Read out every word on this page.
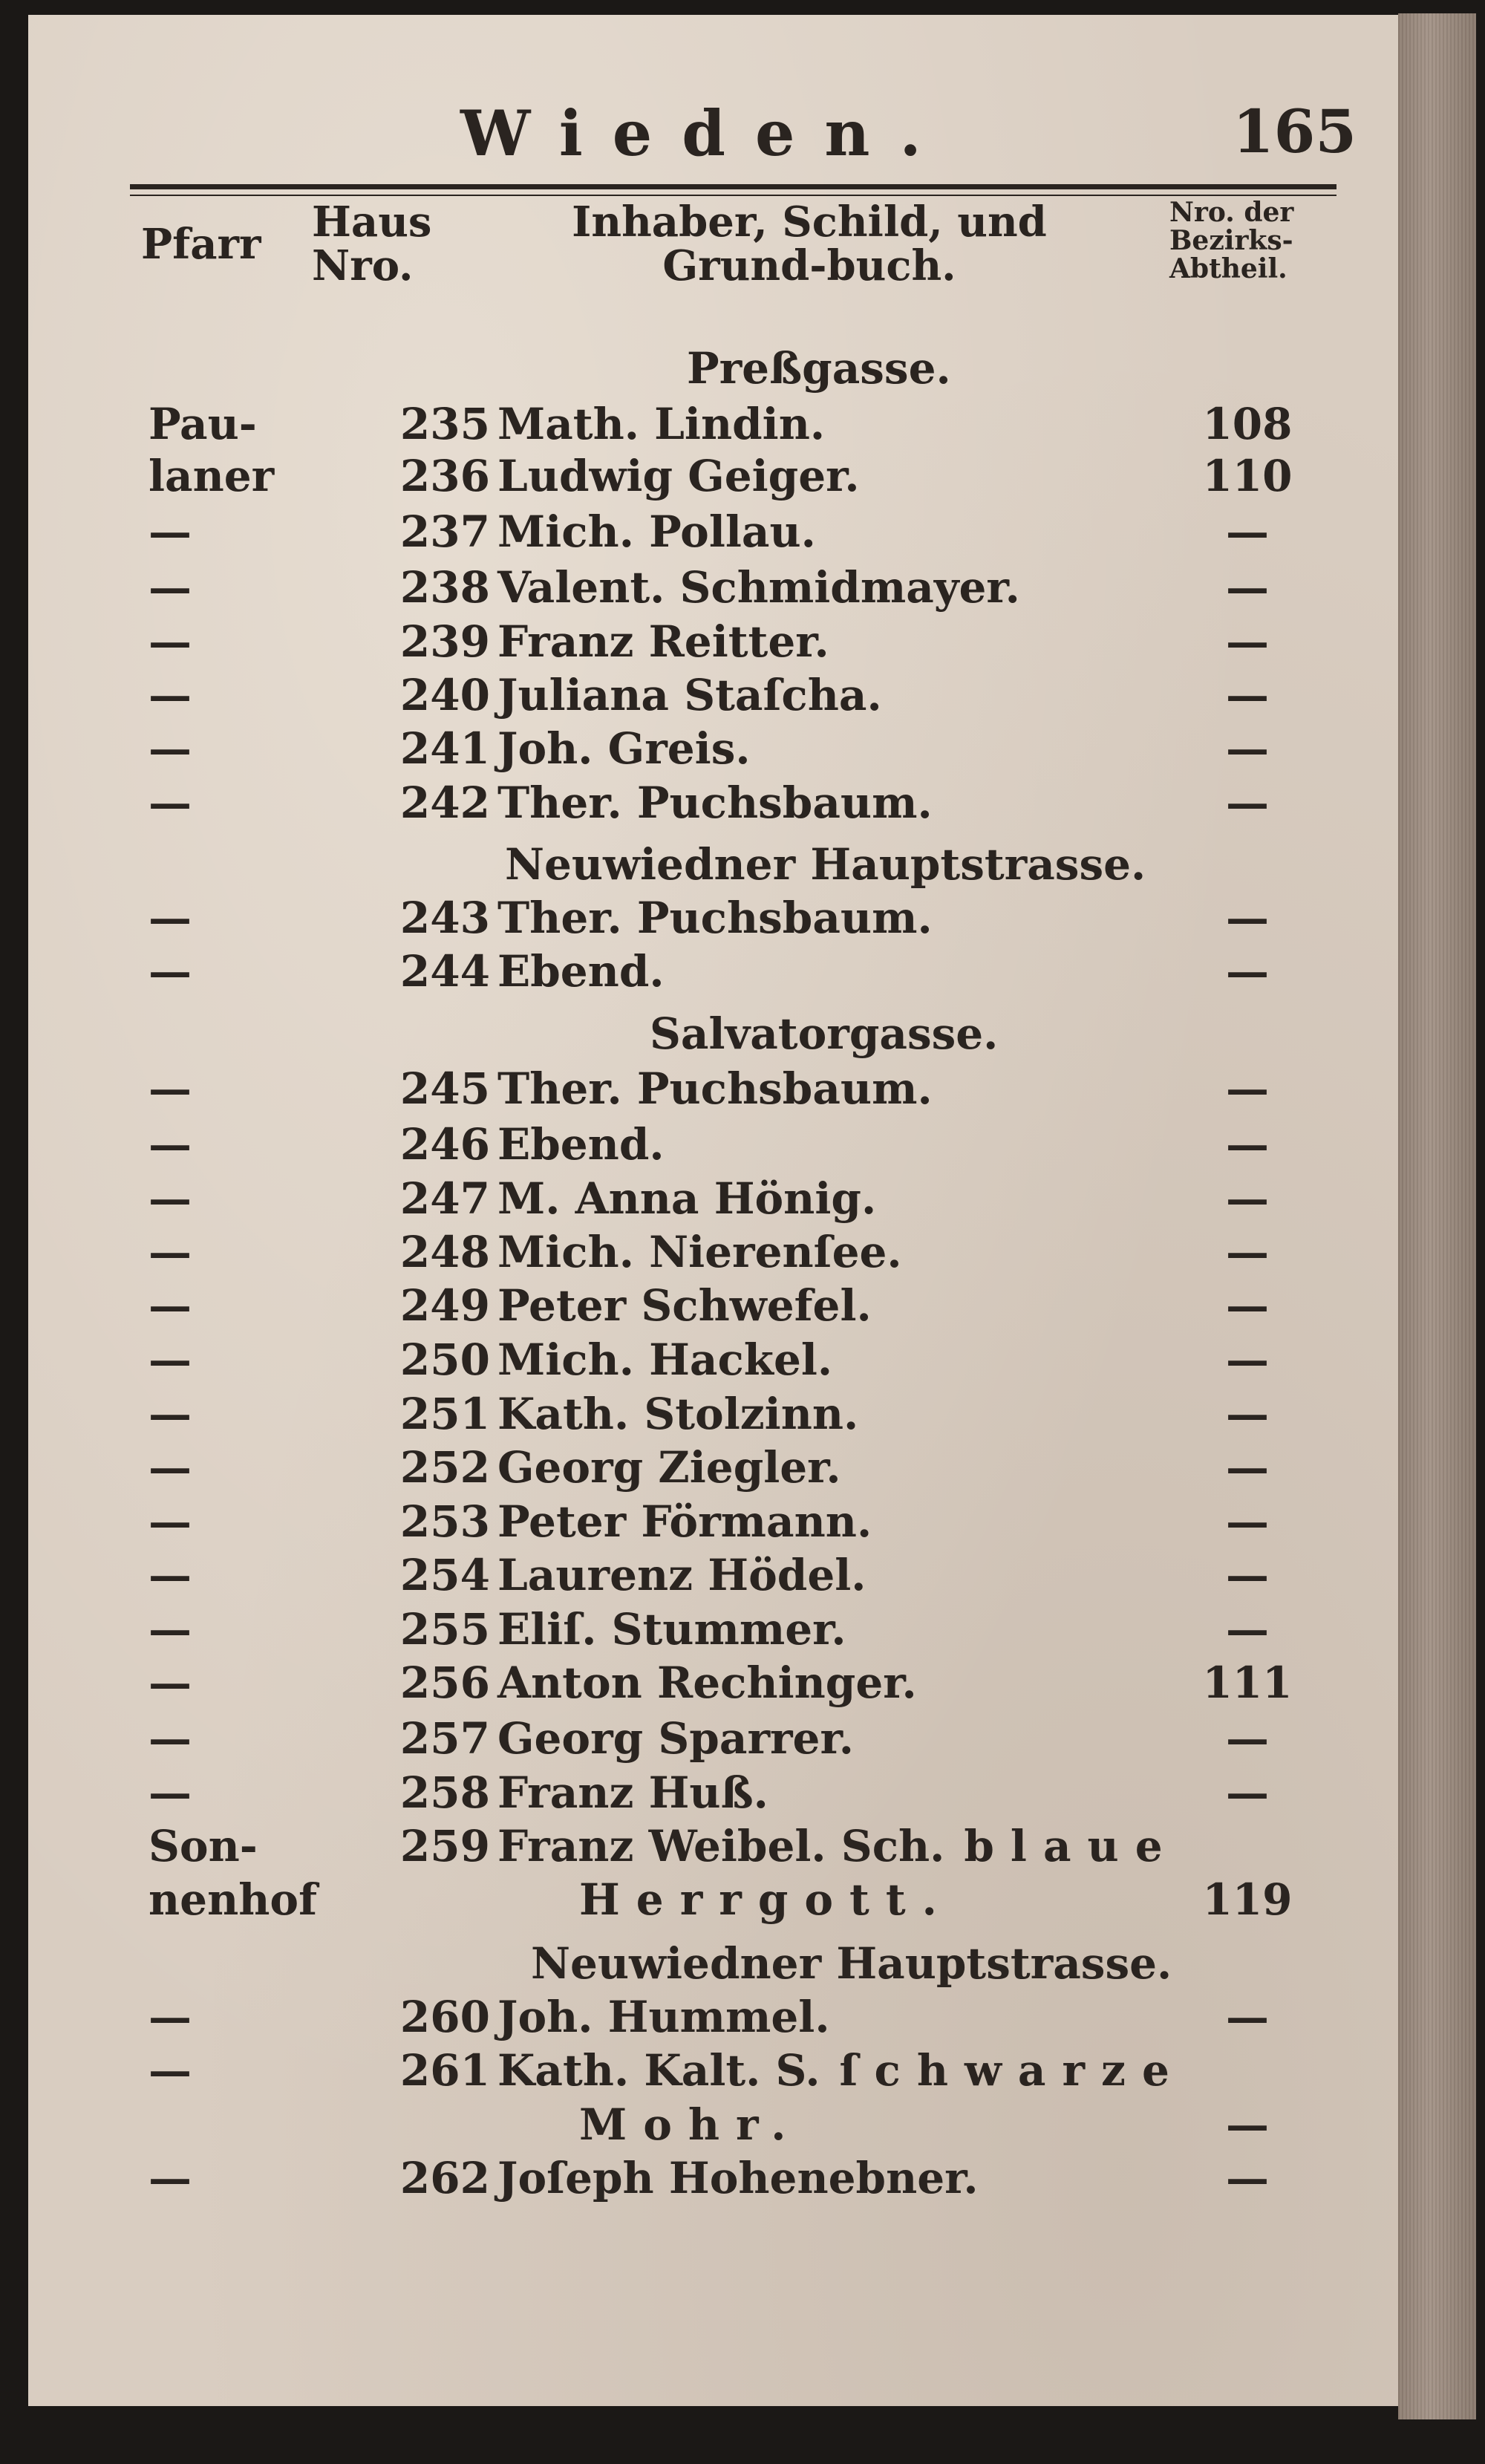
Wieden.	165
Pfarr	Haus Nro.
Inhaber, Schild, und Grund-buch.
Nro. der Bezirks-Abtheil.
Preßgasse.
Neuwiedner Hauptstrasse.
Salvatorgasse.
Neuwiedner Hauptstrasse.
Pau-	235 Math. Lindin.	108
laner	236 Ludwig Geiger.	110
—	237 Mich. Pollau.	—
—	238 Valent. Schmidmayer.	—
—	239 Franz Reitter.	—
—	240 Juliana Staſcha.	—
—	241 Joh. Greis.	—
—	242 Ther. Puchsbaum.	—
—	243 Ther. Puchsbaum.	—
—	244 Ebend.	—
—	245 Ther. Puchsbaum.	—
—	246 Ebend.	—
—	247 M. Anna Hönig.	—
—	248 Mich. Nierenſee.	—
—	249 Peter Schwefel.	—
—	250 Mich. Hackel.	—
—	251 Kath. Stolzinn.	—
—	252 Georg Ziegler.	—
—	253 Peter Förmann.	—
—	254 Laurenz Hödel.	—
—	255 Eliſ. Stummer.	—
—	256 Anton Rechinger.	111
—	257 Georg Sparrer.	—
—	258 Franz Huß.	—
Son-	259 Franz Weibel. Sch. blaue
nenhof	Herrgott.	119
—	260 Joh. Hummel.	—
—	261 Kath. Kalt. S. ſchwarze
Mohr.	—
—	262 Joſeph Hohenebner.	—
